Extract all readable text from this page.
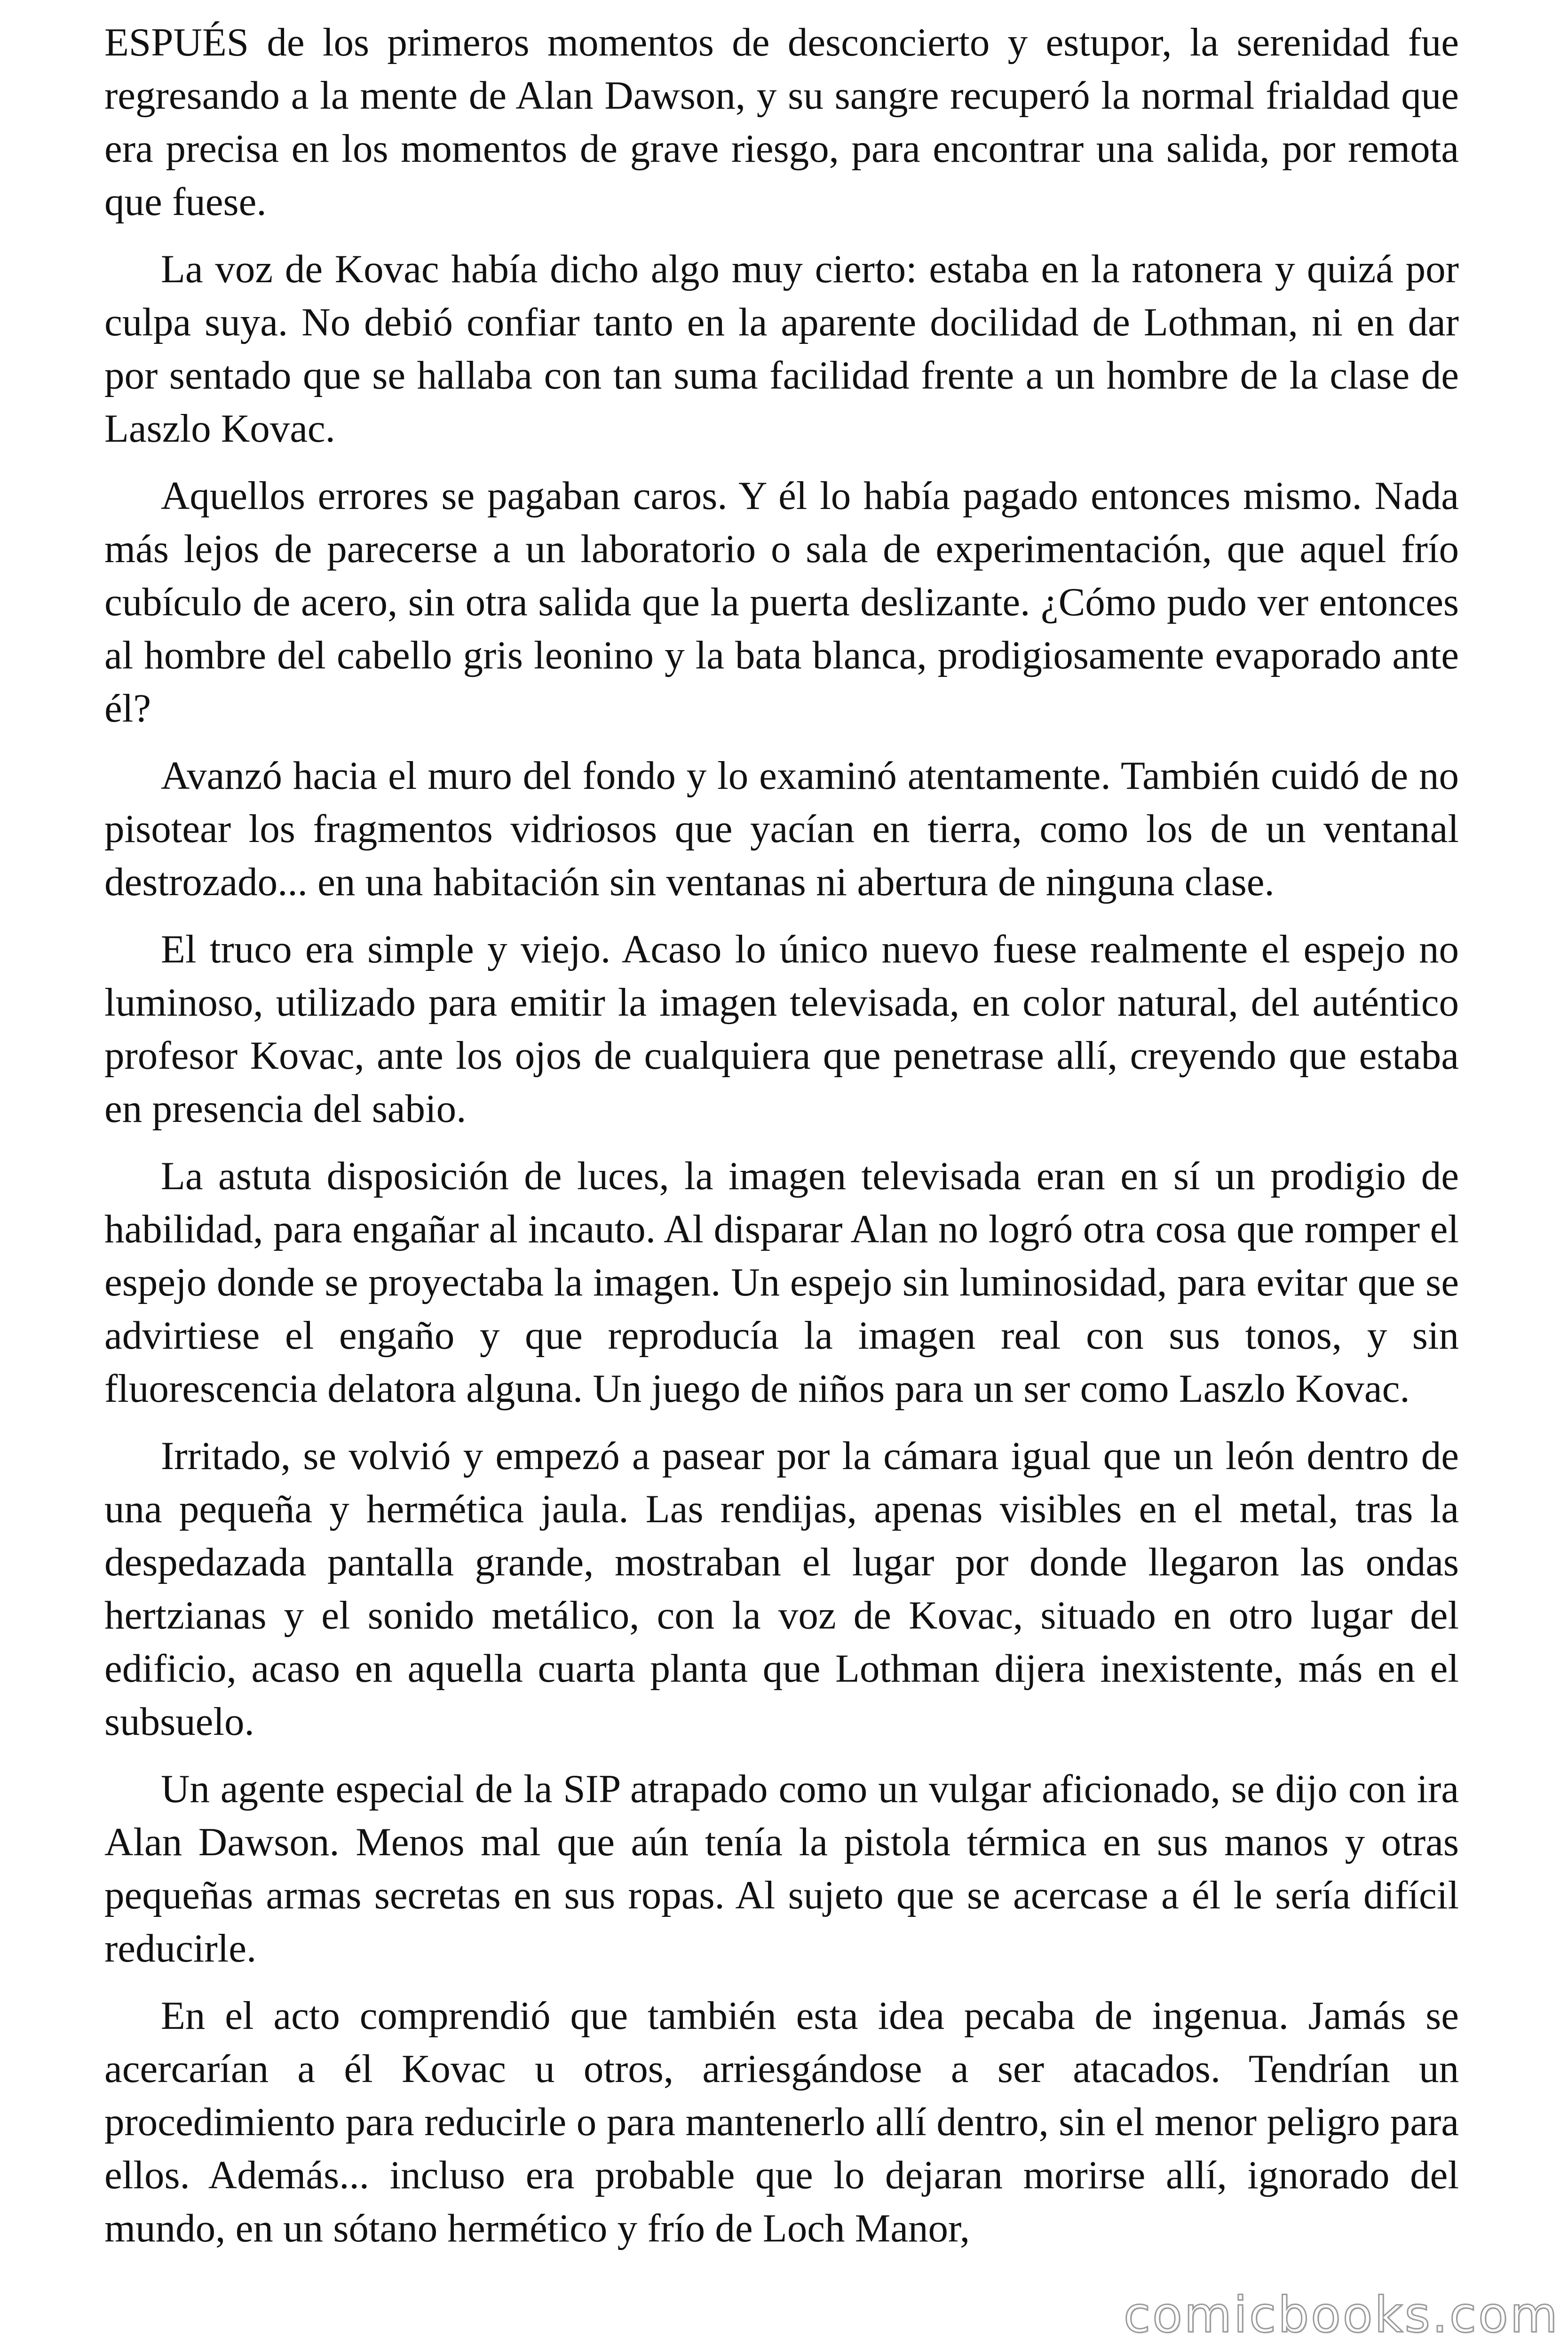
ESPUÉS de los primeros momentos de desconcierto y estupor, la serenidad fue regresando a la mente de Alan Dawson, y su sangre recuperó la normal frialdad que era precisa en los momentos de grave riesgo, para encontrar una salida, por remota que fuese.

La voz de Kovac había dicho algo muy cierto: estaba en la ratonera y quizá por culpa suya. No debió confiar tanto en la aparente docilidad de Lothman, ni en dar por sentado que se hallaba con tan suma facilidad frente a un hombre de la clase de Laszlo Kovac.

Aquellos errores se pagaban caros. Y él lo había pagado entonces mismo. Nada más lejos de parecerse a un laboratorio o sala de experimentación, que aquel frío cubículo de acero, sin otra salida que la puerta deslizante. ¿Cómo pudo ver entonces al hombre del cabello gris leonino y la bata blanca, prodigiosamente evaporado ante él?

Avanzó hacia el muro del fondo y lo examinó atentamente. También cuidó de no pisotear los fragmentos vidriosos que yacían en tierra, como los de un ventanal destrozado... en una habitación sin ventanas ni abertura de ninguna clase.

El truco era simple y viejo. Acaso lo único nuevo fuese realmente el espejo no luminoso, utilizado para emitir la imagen televisada, en color natural, del auténtico profesor Kovac, ante los ojos de cualquiera que penetrase allí, creyendo que estaba en presencia del sabio.

La astuta disposición de luces, la imagen televisada eran en sí un prodigio de habilidad, para engañar al incauto. Al disparar Alan no logró otra cosa que romper el espejo donde se proyectaba la imagen. Un espejo sin luminosidad, para evitar que se advirtiese el engaño y que reproducía la imagen real con sus tonos, y sin fluorescencia delatora alguna. Un juego de niños para un ser como Laszlo Kovac.

Irritado, se volvió y empezó a pasear por la cámara igual que un león dentro de una pequeña y hermética jaula. Las rendijas, apenas visibles en el metal, tras la despedazada pantalla grande, mostraban el lugar por donde llegaron las ondas hertzianas y el sonido metálico, con la voz de Kovac, situado en otro lugar del edificio, acaso en aquella cuarta planta que Lothman dijera inexistente, más en el subsuelo.

Un agente especial de la SIP atrapado como un vulgar aficionado, se dijo con ira Alan Dawson. Menos mal que aún tenía la pistola térmica en sus manos y otras pequeñas armas secretas en sus ropas. Al sujeto que se acercase a él le sería difícil reducirle.

En el acto comprendió que también esta idea pecaba de ingenua. Jamás se acercarían a él Kovac u otros, arriesgándose a ser atacados. Tendrían un procedimiento para reducirle o para mantenerlo allí dentro, sin el menor peligro para ellos. Además... incluso era probable que lo dejaran morirse allí, ignorado del mundo, en un sótano hermético y frío de Loch Manor,

comicbooks.com
